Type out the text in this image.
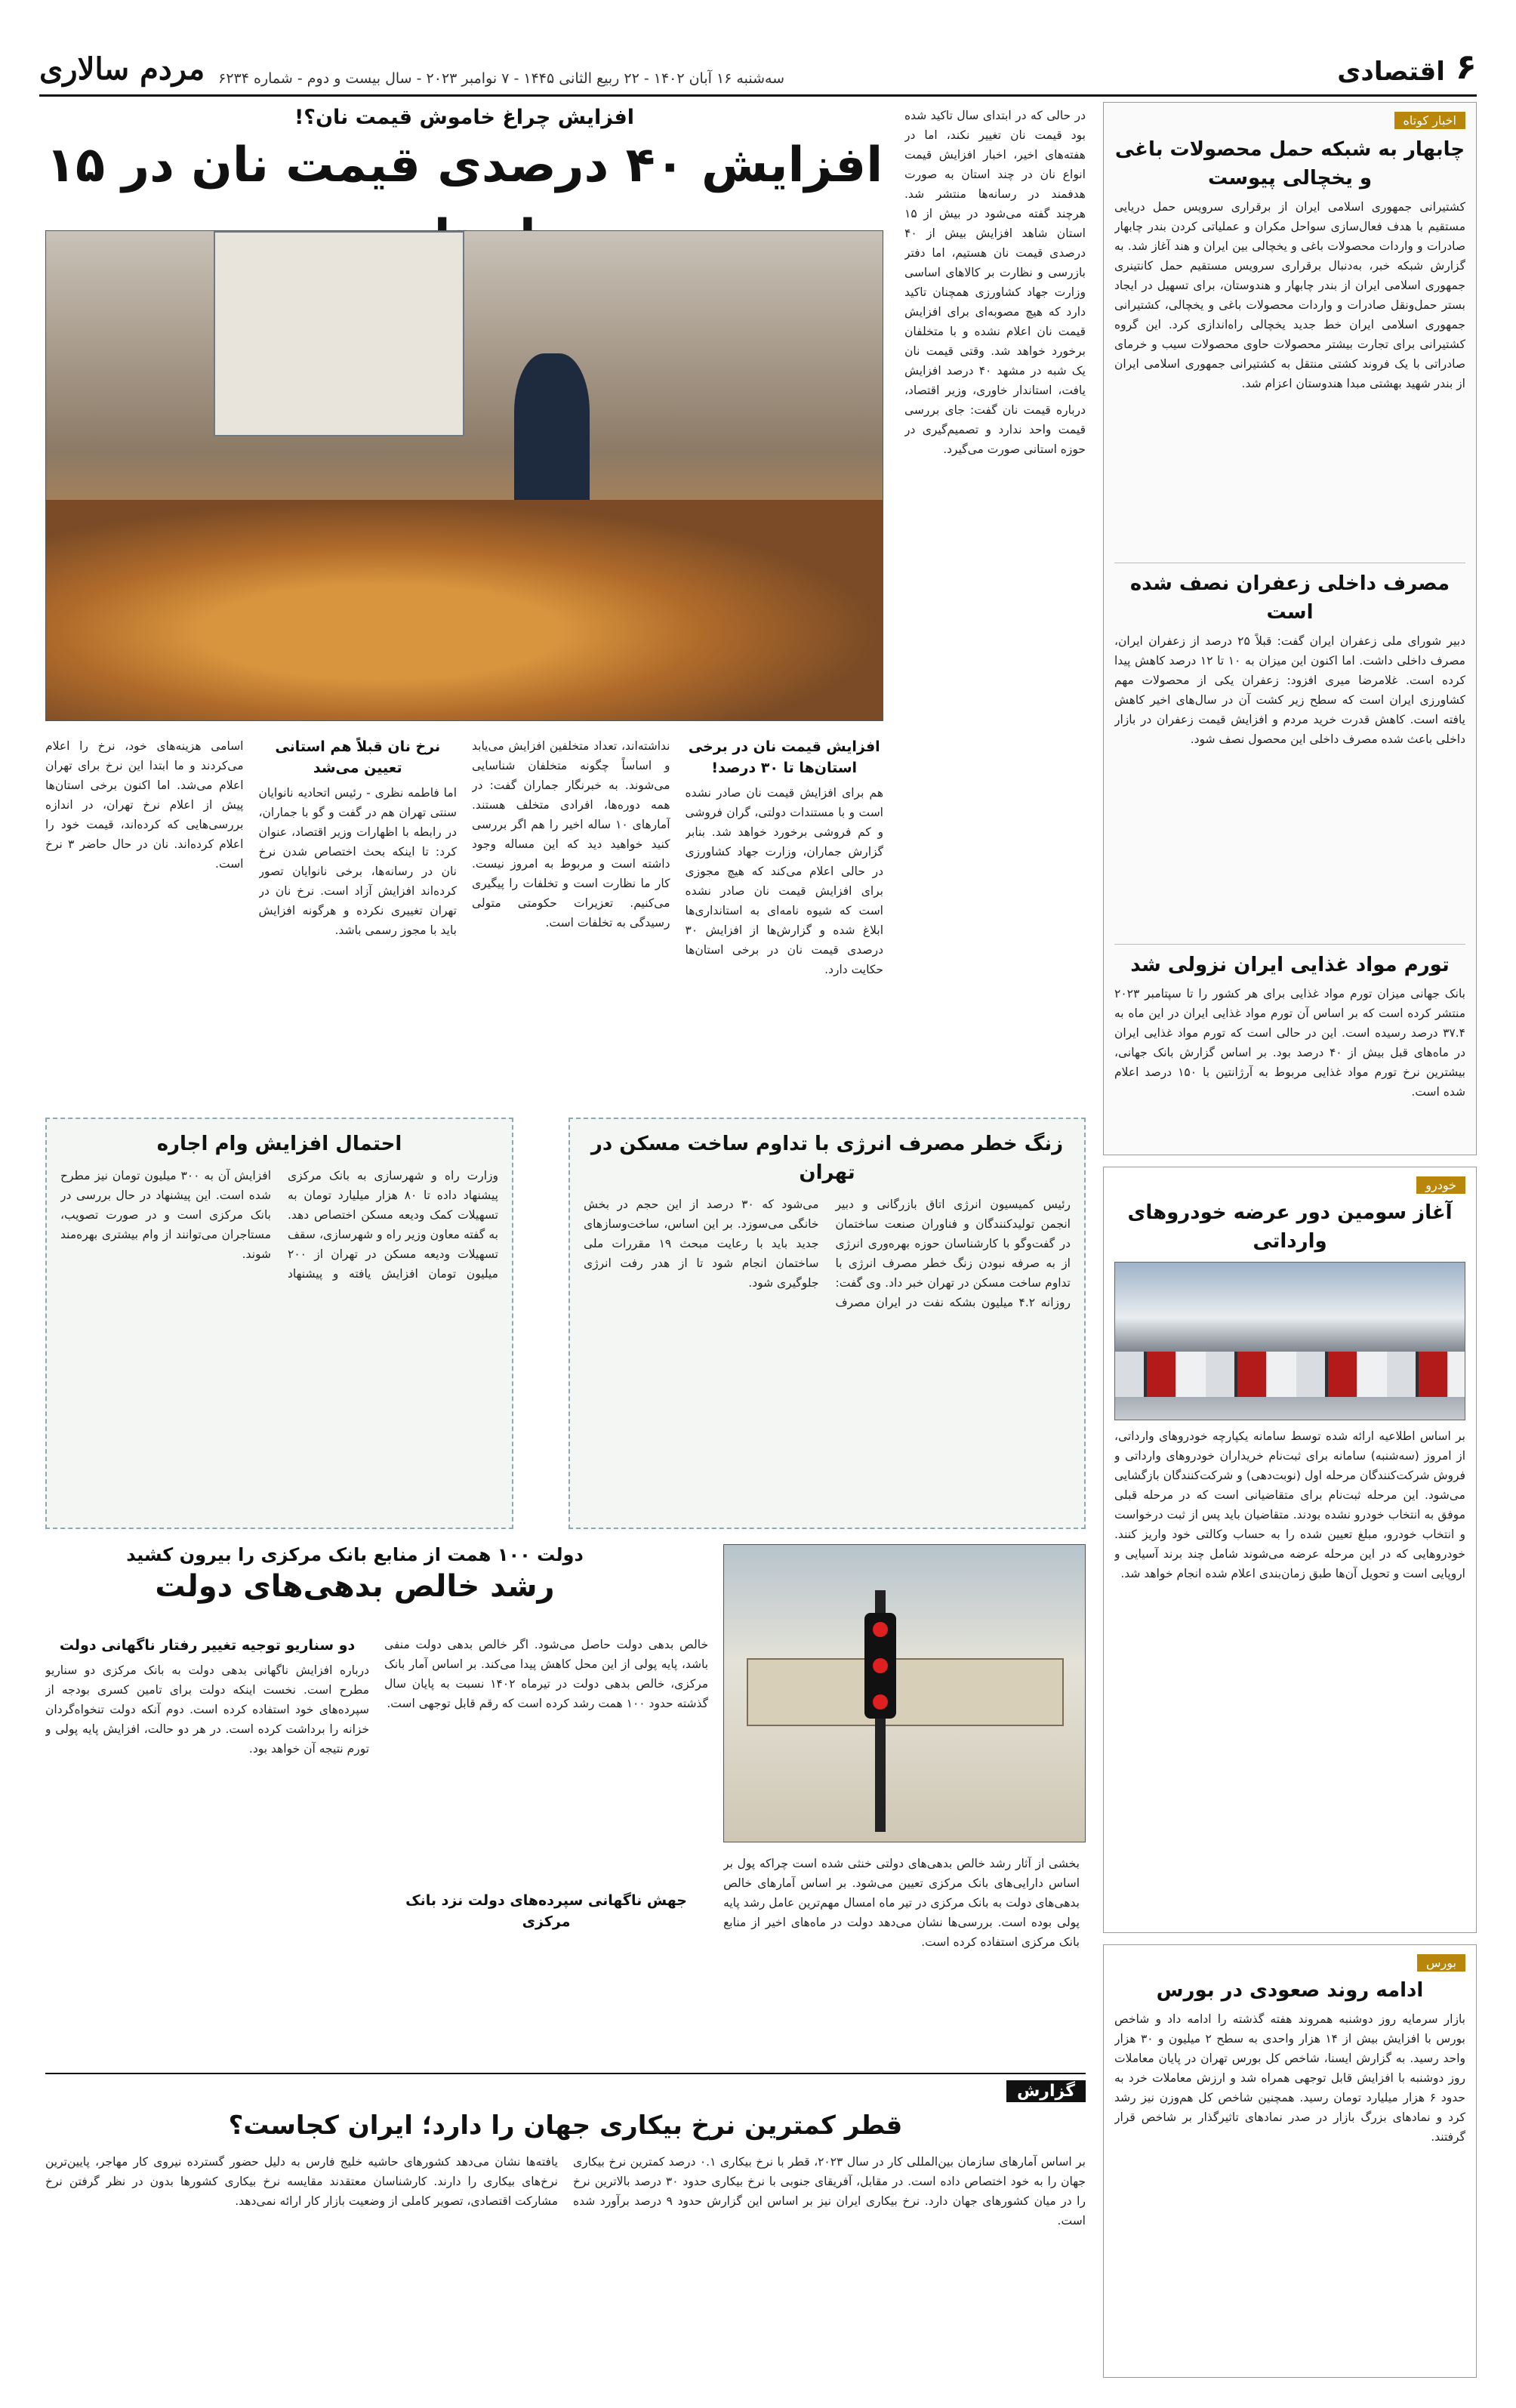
۶
اقتصادی
سه‌شنبه ۱۶ آبان ۱۴۰۲ - ۲۲ ربیع الثانی ۱۴۴۵ - ۷ نوامبر ۲۰۲۳ - سال بیست و دوم - شماره ۶۲۳۴
مردم سالاری
اخبار کوتاه
چابهار به شبکه حمل محصولات باغی و یخچالی پیوست
کشتیرانی جمهوری اسلامی ایران از برقراری سرویس حمل دریایی مستقیم با هدف فعال‌سازی سواحل مکران و عملیاتی کردن بندر چابهار صادرات و واردات محصولات باغی و یخچالی بین ایران و هند آغاز شد. به گزارش شبکه خبر، به‌دنبال برقراری سرویس مستقیم حمل کانتینری جمهوری اسلامی ایران از بندر چابهار و هندوستان، برای تسهیل در ایجاد بستر حمل‌ونقل صادرات و واردات محصولات باغی و یخچالی، کشتیرانی جمهوری اسلامی ایران خط جدید یخچالی راه‌اندازی کرد. این گروه کشتیرانی برای تجارت بیشتر محصولات حاوی محصولات سیب و خرمای صادراتی با یک فروند کشتی منتقل به کشتیرانی جمهوری اسلامی ایران از بندر شهید بهشتی مبدا هندوستان اعزام شد.
مصرف داخلی زعفران نصف شده است
دبیر شورای ملی زعفران ایران گفت: قبلاً ۲۵ درصد از زعفران ایران، مصرف داخلی داشت. اما اکنون این میزان به ۱۰ تا ۱۲ درصد کاهش پیدا کرده است. غلامرضا میری افزود: زعفران یکی از محصولات مهم کشاورزی ایران است که سطح زیر کشت آن در سال‌های اخیر کاهش یافته است. کاهش قدرت خرید مردم و افزایش قیمت زعفران در بازار داخلی باعث شده مصرف داخلی این محصول نصف شود.
تورم مواد غذایی ایران نزولی شد
بانک جهانی میزان تورم مواد غذایی برای هر کشور را تا سپتامبر ۲۰۲۳ منتشر کرده است که بر اساس آن تورم مواد غذایی ایران در این ماه به ۳۷.۴ درصد رسیده است. این در حالی است که تورم مواد غذایی ایران در ماه‌های قبل بیش از ۴۰ درصد بود. بر اساس گزارش بانک جهانی، بیشترین نرخ تورم مواد غذایی مربوط به آرژانتین با ۱۵۰ درصد اعلام شده است.
خودرو
آغاز سومین دور عرضه خودروهای وارداتی
بر اساس اطلاعیه ارائه شده توسط سامانه یکپارچه خودروهای وارداتی، از امروز (سه‌شنبه) سامانه برای ثبت‌نام خریداران خودروهای وارداتی و فروش شرکت‌کنندگان مرحله اول (نوبت‌دهی) و شرکت‌کنندگان بازگشایی می‌شود. این مرحله ثبت‌نام برای متقاضیانی است که در مرحله قبلی موفق به انتخاب خودرو نشده بودند. متقاضیان باید پس از ثبت درخواست و انتخاب خودرو، مبلغ تعیین شده را به حساب وکالتی خود واریز کنند. خودروهایی که در این مرحله عرضه می‌شوند شامل چند برند آسیایی و اروپایی است و تحویل آن‌ها طبق زمان‌بندی اعلام شده انجام خواهد شد.
بورس
ادامه روند صعودی در بورس
بازار سرمایه روز دوشنبه همروند هفته گذشته را ادامه داد و شاخص بورس با افزایش بیش از ۱۴ هزار واحدی به سطح ۲ میلیون و ۳۰ هزار واحد رسید. به گزارش ایسنا، شاخص کل بورس تهران در پایان معاملات روز دوشنبه با افزایش قابل توجهی همراه شد و ارزش معاملات خرد به حدود ۶ هزار میلیارد تومان رسید. همچنین شاخص کل هم‌وزن نیز رشد کرد و نمادهای بزرگ بازار در صدر نمادهای تاثیرگذار بر شاخص قرار گرفتند.
افزایش چراغ خاموش قیمت نان؟!
افزایش ۴۰ درصدی قیمت نان در ۱۵
در حالی که در ابتدای سال تاکید شده بود قیمت نان تغییر نکند، اما در هفته‌های اخیر، اخبار افزایش قیمت انواع نان در چند استان به صورت هدفمند در رسانه‌ها منتشر شد. هرچند گفته می‌شود در بیش از ۱۵ استان شاهد افزایش بیش از ۴۰ درصدی قیمت نان هستیم، اما دفتر بازرسی و نظارت بر کالاهای اساسی وزارت جهاد کشاورزی همچنان تاکید دارد که هیچ مصوبه‌ای برای افزایش قیمت نان اعلام نشده و با متخلفان برخورد خواهد شد. وقتی قیمت نان یک شبه در مشهد ۴۰ درصد افزایش یافت، استاندار خاوری، وزیر اقتصاد، درباره قیمت نان گفت: جای بررسی قیمت واحد ندارد و تصمیم‌گیری در حوزه استانی صورت می‌گیرد.
افزایش قیمت نان در برخی استان‌ها تا ۳۰ درصد!
هم برای افزایش قیمت نان صادر نشده است و با مستندات دولتی، گران فروشی و کم فروشی برخورد خواهد شد. بنابر گزارش جماران، وزارت جهاد کشاورزی در حالی اعلام می‌کند که هیچ مجوزی برای افزایش قیمت نان صادر نشده است که شیوه نامه‌ای به استانداری‌ها ابلاغ شده و گزارش‌ها از افزایش ۳۰ درصدی قیمت نان در برخی استان‌ها حکایت دارد.
نداشته‌اند، تعداد متخلفین افزایش می‌یابد و اساساً چگونه متخلفان شناسایی می‌شوند. به خبرنگار جماران گفت: در همه دوره‌ها، افرادی متخلف هستند. آمارهای ۱۰ ساله اخیر را هم اگر بررسی کنید خواهید دید که این مساله وجود داشته است و مربوط به امروز نیست. کار ما نظارت است و تخلفات را پیگیری می‌کنیم. تعزیرات حکومتی متولی رسیدگی به تخلفات است.
نرخ نان قبلاً هم استانی تعیین می‌شد
اما فاطمه نظری - رئیس اتحادیه نانوایان سنتی تهران هم در گفت و گو با جماران، در رابطه با اظهارات وزیر اقتصاد، عنوان کرد: تا اینکه بحث اختصاص شدن نرخ نان در رسانه‌ها، برخی نانوایان تصور کرده‌اند افزایش آزاد است. نرخ نان در تهران تغییری نکرده و هرگونه افزایش باید با مجوز رسمی باشد.
اسامی هزینه‌های خود، نرخ را اعلام می‌کردند و ما ابتدا این نرخ برای تهران اعلام می‌شد. اما اکنون برخی استان‌ها پیش از اعلام نرخ تهران، در اندازه بررسی‌هایی که کرده‌اند، قیمت خود را اعلام کرده‌اند. نان در حال حاضر ۳ نرخ است.
زنگ خطر مصرف انرژی با تداوم ساخت مسکن در تهران
رئیس کمیسیون انرژی اتاق بازرگانی و دبیر انجمن تولیدکنندگان و فناوران صنعت ساختمان در گفت‌وگو با کارشناسان حوزه بهره‌وری انرژی از به صرفه نبودن زنگ خطر مصرف انرژی با تداوم ساخت مسکن در تهران خبر داد. وی گفت: روزانه ۴.۲ میلیون بشکه نفت در ایران مصرف می‌شود که ۳۰ درصد از این حجم در بخش خانگی می‌سوزد. بر این اساس، ساخت‌وسازهای جدید باید با رعایت مبحث ۱۹ مقررات ملی ساختمان انجام شود تا از هدر رفت انرژی جلوگیری شود.
احتمال افزایش وام اجاره
وزارت راه و شهرسازی به بانک مرکزی پیشنهاد داده تا ۸۰ هزار میلیارد تومان به تسهیلات کمک ودیعه مسکن اختصاص دهد. به گفته معاون وزیر راه و شهرسازی، سقف تسهیلات ودیعه مسکن در تهران از ۲۰۰ میلیون تومان افزایش یافته و پیشنهاد افزایش آن به ۳۰۰ میلیون تومان نیز مطرح شده است. این پیشنهاد در حال بررسی در بانک مرکزی است و در صورت تصویب، مستاجران می‌توانند از وام بیشتری بهره‌مند شوند.
دولت ۱۰۰ همت از منابع بانک مرکزی را بیرون کشید
رشد خالص بدهی‌های دولت
بخشی از آثار رشد خالص بدهی‌های دولتی خنثی شده است چراکه پول بر اساس دارایی‌های بانک مرکزی تعیین می‌شود. بر اساس آمارهای خالص بدهی‌های دولت به بانک مرکزی در تیر ماه امسال مهم‌ترین عامل رشد پایه پولی بوده است. بررسی‌ها نشان می‌دهد دولت در ماه‌های اخیر از منابع بانک مرکزی استفاده کرده است.
خالص بدهی دولت حاصل می‌شود. اگر خالص بدهی دولت منفی باشد، پایه پولی از این محل کاهش پیدا می‌کند. بر اساس آمار بانک مرکزی، خالص بدهی دولت در تیرماه ۱۴۰۲ نسبت به پایان سال گذشته حدود ۱۰۰ همت رشد کرده است که رقم قابل توجهی است.
جهش ناگهانی سپرده‌های دولت نزد بانک مرکزی
دو سناریو توجیه تغییر رفتار ناگهانی دولت
درباره افزایش ناگهانی بدهی دولت به بانک مرکزی دو سناریو مطرح است. نخست اینکه دولت برای تامین کسری بودجه از سپرده‌های خود استفاده کرده است. دوم آنکه دولت تنخواه‌گردان خزانه را برداشت کرده است. در هر دو حالت، افزایش پایه پولی و تورم نتیجه آن خواهد بود.
گزارش
قطر کمترین نرخ بیکاری جهان را دارد؛ ایران کجاست؟
بر اساس آمارهای سازمان بین‌المللی کار در سال ۲۰۲۳، قطر با نرخ بیکاری ۰.۱ درصد کمترین نرخ بیکاری جهان را به خود اختصاص داده است. در مقابل، آفریقای جنوبی با نرخ بیکاری حدود ۳۰ درصد بالاترین نرخ را در میان کشورهای جهان دارد. نرخ بیکاری ایران نیز بر اساس این گزارش حدود ۹ درصد برآورد شده است.
یافته‌ها نشان می‌دهد کشورهای حاشیه خلیج فارس به دلیل حضور گسترده نیروی کار مهاجر، پایین‌ترین نرخ‌های بیکاری را دارند. کارشناسان معتقدند مقایسه نرخ بیکاری کشورها بدون در نظر گرفتن نرخ مشارکت اقتصادی، تصویر کاملی از وضعیت بازار کار ارائه نمی‌دهد.
